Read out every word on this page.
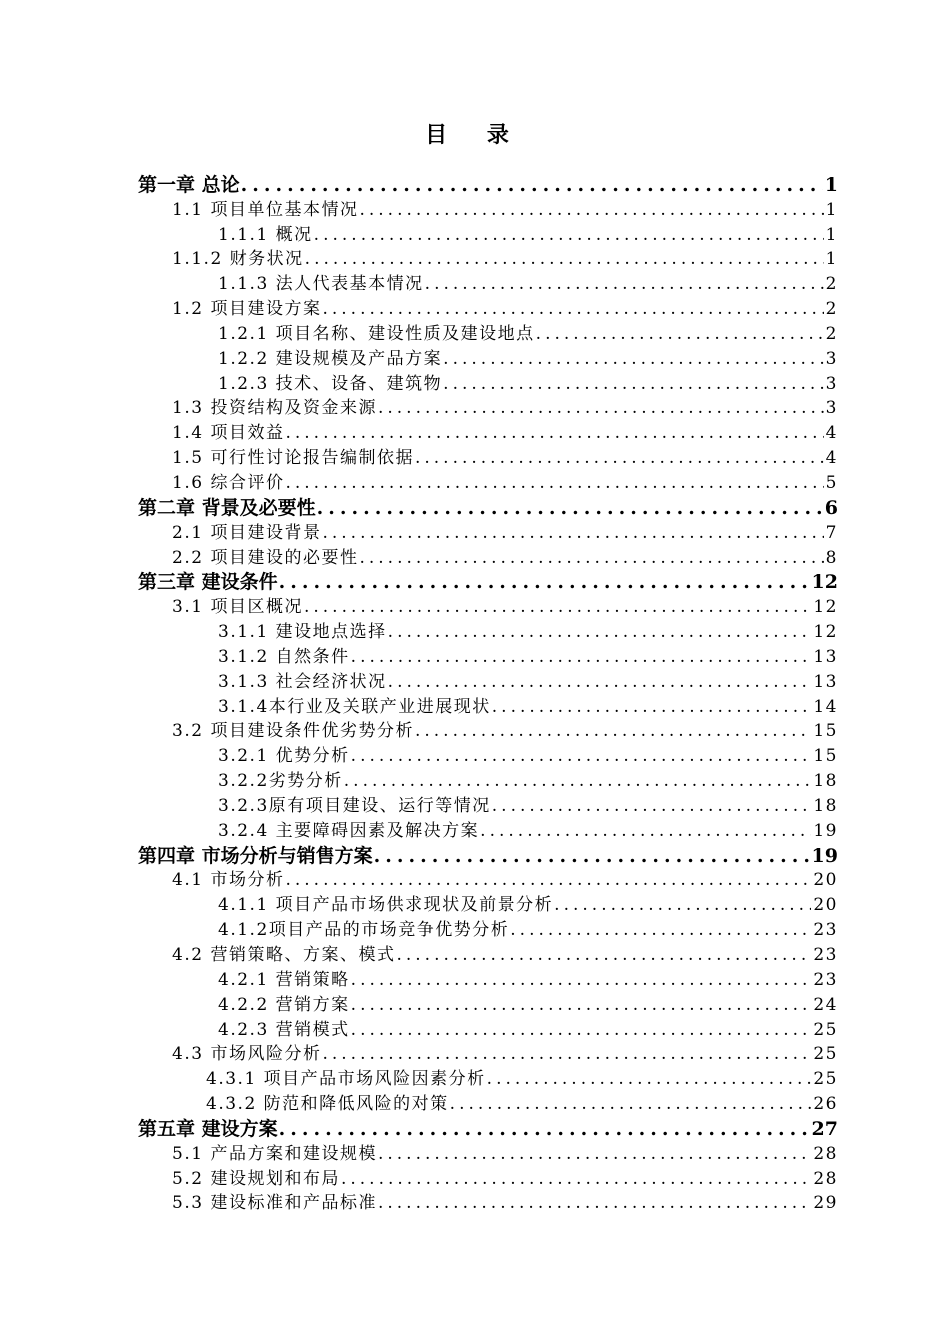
目 录
第一章 总论 .....	1
1.1 项目单位基本情况 .....	1
1.1.1 概况 .....	1
1.1.2 财务状况 .....	1
1.1.3 法人代表基本情况 .....	2
1.2 项目建设方案 .....	2
1.2.1 项目名称、建设性质及建设地点 .....	2
1.2.2 建设规模及产品方案 .....	3
1.2.3 技术、设备、建筑物 .....	3
1.3 投资结构及资金来源 .....	3
1.4 项目效益 .....	4
1.5 可行性讨论报告编制依据 .....	4
1.6 综合评价 .....	5
第二章 背景及必要性 .....	6
2.1 项目建设背景 .....	7
2.2 项目建设的必要性 .....	8
第三章 建设条件 .....	12
3.1 项目区概况 .....	12
3.1.1 建设地点选择 .....	12
3.1.2 自然条件 .....	13
3.1.3 社会经济状况 .....	13
3.1.4本行业及关联产业进展现状 .....	14
3.2 项目建设条件优劣势分析 .....	15
3.2.1 优势分析 .....	15
3.2.2劣势分析 .....	18
3.2.3原有项目建设、运行等情况 .....	18
3.2.4 主要障碍因素及解决方案 .....	19
第四章 市场分析与销售方案 .....	19
4.1 市场分析 .....	20
4.1.1 项目产品市场供求现状及前景分析 .....	20
4.1.2项目产品的市场竞争优势分析 .....	23
4.2 营销策略、方案、模式 .....	23
4.2.1 营销策略 .....	23
4.2.2 营销方案 .....	24
4.2.3 营销模式 .....	25
4.3 市场风险分析 .....	25
4.3.1 项目产品市场风险因素分析 .....	25
4.3.2 防范和降低风险的对策 .....	26
第五章 建设方案 .....	27
5.1 产品方案和建设规模 .....	28
5.2 建设规划和布局 .....	28
5.3 建设标准和产品标准 .....	29
